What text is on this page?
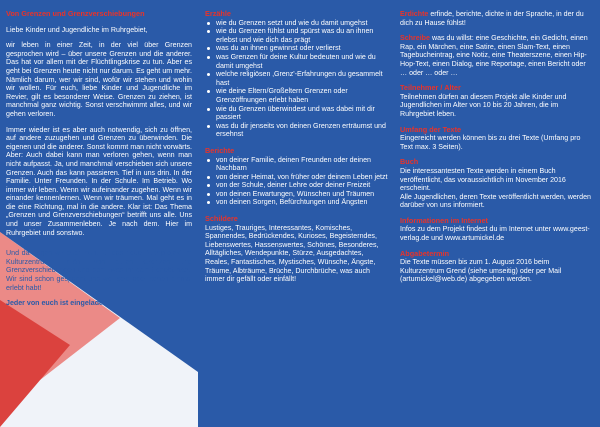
Von Grenzen und Grenzverschiebungen
Liebe Kinder und Jugendliche im Ruhrgebiet,
wir leben in einer Zeit, in der viel über Grenzen gesprochen wird – über unsere Grenzen und die anderer. Das hat vor allem mit der Flüchtlingskrise zu tun. Aber es geht bei Grenzen heute nicht nur darum. Es geht um mehr. Nämlich darum, wer wir sind, wofür wir stehen und wohin wir wollen. Für euch, liebe Kinder und Jugendliche im Revier, gilt es besonderer Weise. Grenzen zu ziehen, ist manchmal ganz wichtig. Sonst verschwimmt alles, und wir gehen verloren.
Immer wieder ist es aber auch notwendig, sich zu öffnen, auf andere zuzugehen und Grenzen zu überwinden. Die eigenen und die anderer. Sonst kommt man nicht vorwärts. Aber: Auch dabei kann man verloren gehen, wenn man nicht aufpasst. Ja, und manchmal verschieben sich unsere Grenzen. Auch das kann passieren. Tief in uns drin. In der Familie. Unter Freunden. In der Schule. Im Betrieb. Wo immer wir leben. Wenn wir aufeinander zugehen. Wenn wir einander kennenlernen. Wenn wir träumen. Mal geht es in die eine Richtung, mal in die andere. Klar ist: Das Thema „Grenzen und Grenzverschiebungen“ betrifft uns alle. Uns und unser Zusammenleben. Je nach dem. Hier im Ruhrgebiet und sonstwo.
Und da fragen wir euch nun, für das neue Buchprojekt im Kulturzentrum! Erzählt von euren Grenzen und Grenzverschiebungen und dem, was ihr damit erlebt habt. Wir sind schon gespannt und wer seid oder schon einmal erlebt habt!
Jeder von euch ist eingeladen!
Erzähle
wie du Grenzen setzt und wie du damit umgehst
wie du Grenzen fühlst und spürst was du an ihnen erlebst und wie dich das prägt
was du an ihnen gewinnst oder verlierst
was Grenzen für deine Kultur bedeuten und wie du damit umgehst
welche religiösen ‚Grenz'-Erfahrungen du gesammelt hast
wie deine Eltern/Großeltern Grenzen oder Grenzöffnungen erlebt haben
wie du Grenzen überwindest und was dabei mit dir passiert
was du dir jenseits von deinen Grenzen erträumst und ersehnst
Berichte
von deiner Familie, deinen Freunden oder deinen Nachbarn
von deiner Heimat, von früher oder deinem Leben jetzt
von der Schule, deiner Lehre oder deiner Freizeit
von deinen Erwartungen, Wünschen und Träumen
von deinen Sorgen, Befürchtungen und Ängsten
Schildere
Lustiges, Trauriges, Interessantes, Komisches, Spannendes, Bedrückendes, Kurioses, Begeisterndes, Liebenswertes, Hassenswertes, Schönes, Besonderes, Alltägliches, Wendepunkte, Stürze, Ausgedachtes, Reales, Fantastisches, Mystisches, Wünsche, Ängste, Träume, Albträume, Brüche, Durchbrüche, was auch immer dir gefällt oder einfällt!
Erdichte erfinde, berichte, dichte in der Sprache, in der du dich zu Hause fühlst!
Schreibe was du willst: eine Geschichte, ein Gedicht, einen Rap, ein Märchen, eine Satire, einen Slam-Text, einen Tagebucheintrag, eine Notiz, eine Theaterszene, einen Hip-Hop-Text, einen Dialog, eine Reportage, einen Bericht oder … oder … oder …
Teilnehmer / Alter
Teilnehmen dürfen an diesem Projekt alle Kinder und Jugendlichen im Alter von 10 bis 20 Jahren, die im Ruhrgebiet leben.
Umfang der Texte
Eingereicht werden können bis zu drei Texte (Umfang pro Text max. 3 Seiten).
Buch
Die interessantesten Texte werden in einem Buch veröffentlicht, das voraussichtlich im November 2016 erscheint.
Alle Jugendlichen, deren Texte veröffentlicht werden, werden darüber von uns informiert.
Informationen im Internet
Infos zu dem Projekt findest du im Internet unter www.geest-verlag.de und www.artumickel.de
Abgabetermin
Die Texte müssen bis zum 1. August 2016 beim Kulturzentrum Grend (siehe umseitig) oder per Mail (artumickel@web.de) abgegeben werden.
